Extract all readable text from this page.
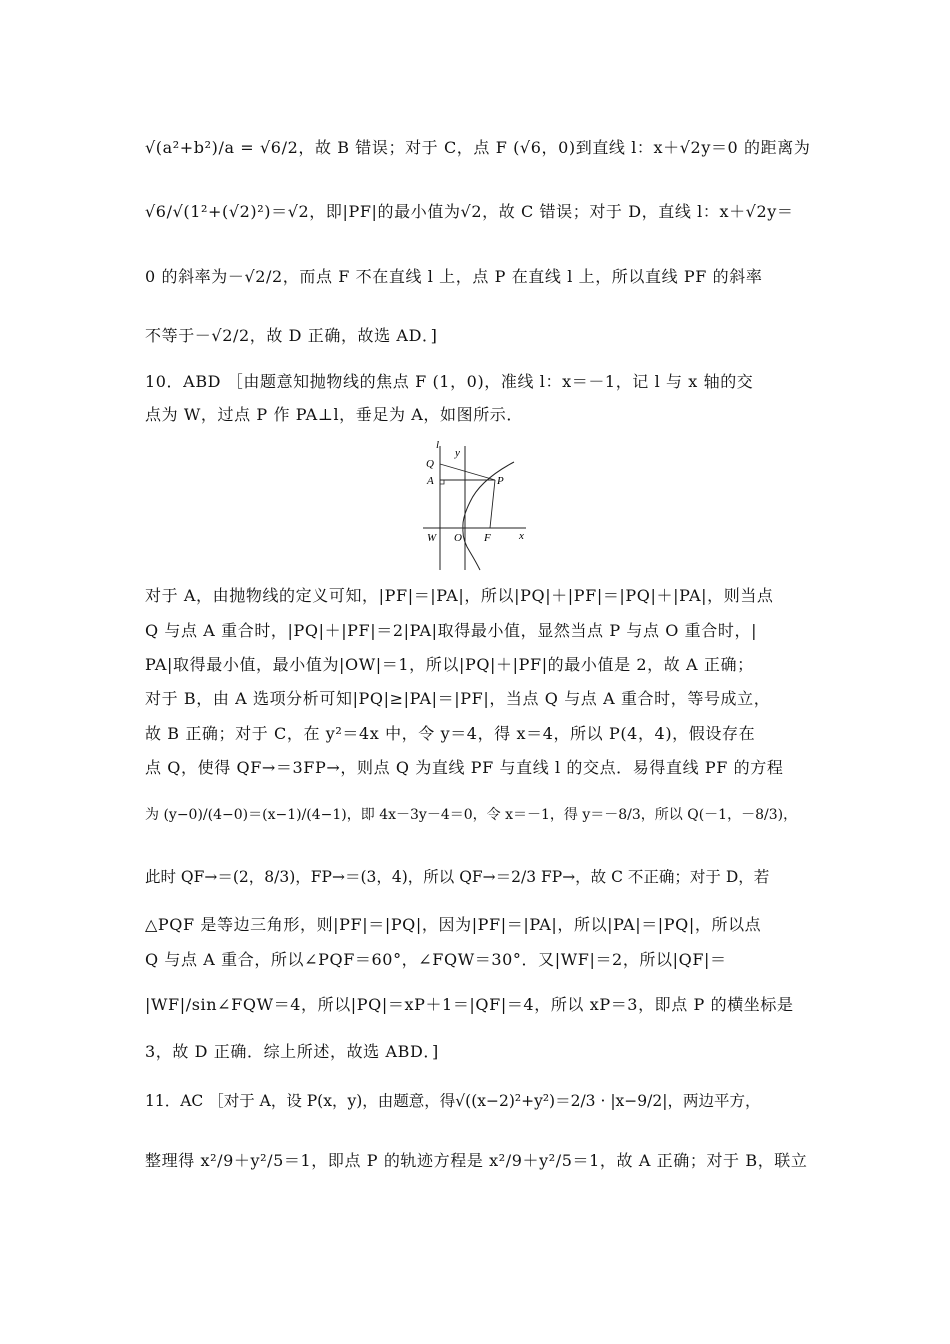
√(a²+b²)/a = √6/2，故 B 错误；对于 C，点 F (√6，0)到直线 l：x＋√2y＝0 的距离为
√6/√(1²+(√2)²)＝√2，即|PF|的最小值为√2，故 C 错误；对于 D，直线 l：x＋√2y＝
0 的斜率为－√2/2，而点 F 不在直线 l 上，点 P 在直线 l 上，所以直线 PF 的斜率
不等于－√2/2，故 D 正确，故选 AD．]
10．ABD ［由题意知抛物线的焦点 F (1，0)，准线 l：x＝－1，记 l 与 x 轴的交
点为 W，过点 P 作 PA⊥l，垂足为 A，如图所示．
l
y
Q
A	P
W O F	x
对于 A，由抛物线的定义可知，|PF|＝|PA|，所以|PQ|＋|PF|＝|PQ|＋|PA|，则当点
Q 与点 A 重合时，|PQ|＋|PF|＝2|PA|取得最小值，显然当点 P 与点 O 重合时，|
PA|取得最小值，最小值为|OW|＝1，所以|PQ|＋|PF|的最小值是 2，故 A 正确；
对于 B，由 A 选项分析可知|PQ|≥|PA|＝|PF|，当点 Q 与点 A 重合时，等号成立，
故 B 正确；对于 C，在 y²＝4x 中，令 y＝4，得 x＝4，所以 P(4，4)，假设存在
点 Q，使得 QF→＝3FP→，则点 Q 为直线 PF 与直线 l 的交点．易得直线 PF 的方程
为 (y−0)/(4−0)＝(x−1)/(4−1)，即 4x－3y－4＝0，令 x＝－1，得 y＝－8/3，所以 Q(－1，－8/3)，
此时 QF→＝(2，8/3)，FP→＝(3，4)，所以 QF→＝2/3 FP→，故 C 不正确；对于 D，若
△PQF 是等边三角形，则|PF|＝|PQ|，因为|PF|＝|PA|，所以|PA|＝|PQ|，所以点
Q 与点 A 重合，所以∠PQF＝60°，∠FQW＝30°．又|WF|＝2，所以|QF|＝
|WF|/sin∠FQW＝4，所以|PQ|＝xP＋1＝|QF|＝4，所以 xP＝3，即点 P 的横坐标是
3，故 D 正确．综上所述，故选 ABD．]
11．AC ［对于 A，设 P(x，y)，由题意，得√((x−2)²+y²)＝2/3 · |x−9/2|，两边平方，
整理得 x²/9＋y²/5＝1，即点 P 的轨迹方程是 x²/9＋y²/5＝1，故 A 正确；对于 B，联立
